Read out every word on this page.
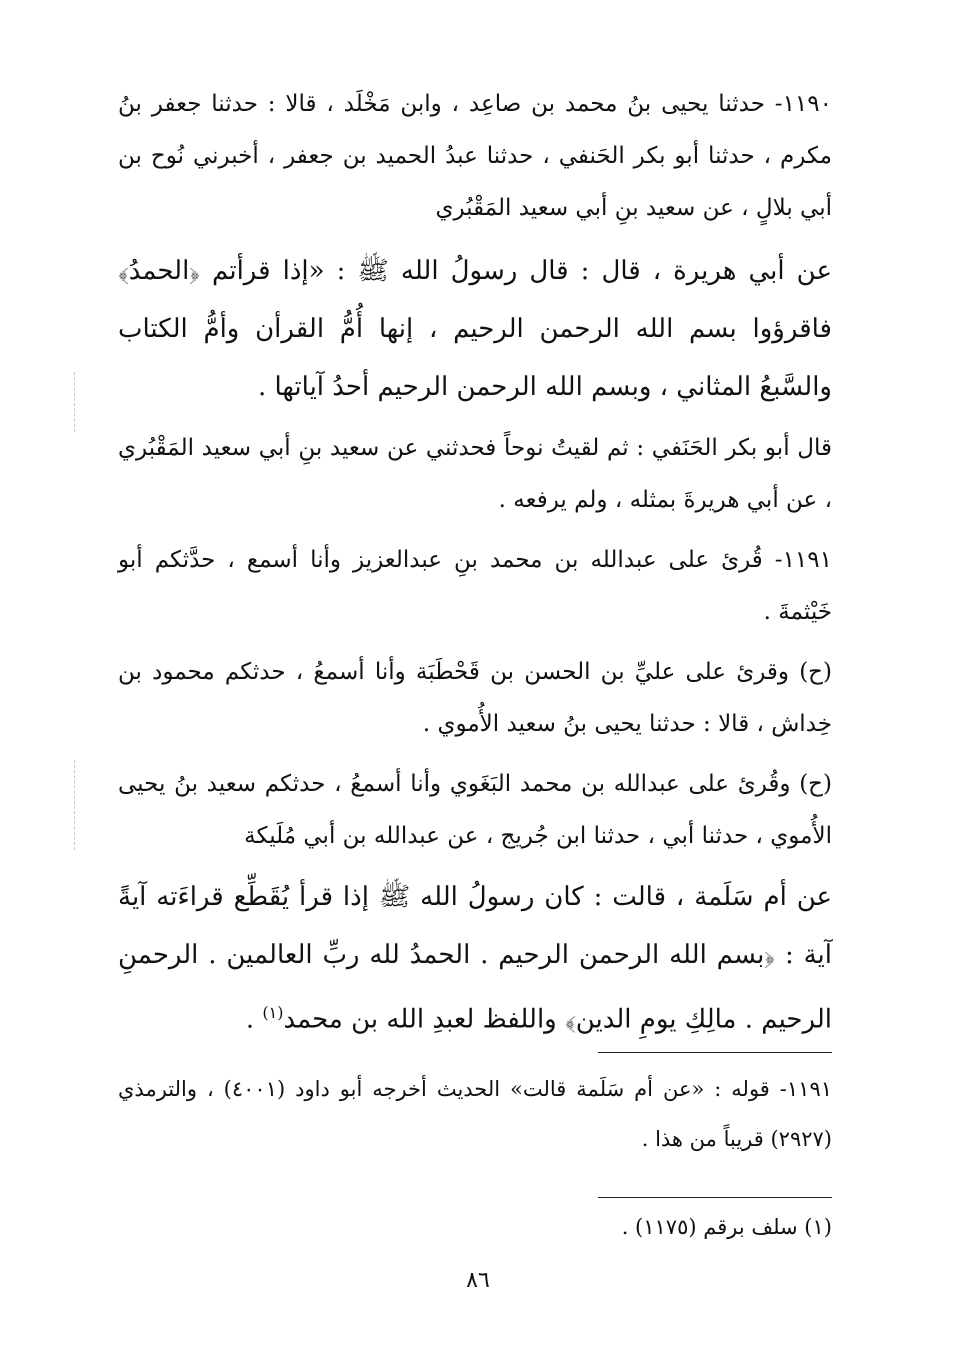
١١٩٠- حدثنا يحيى بنُ محمد بن صاعِد ، وابن مَخْلَد ، قالا : حدثنا جعفر بنُ مكرم ، حدثنا أبو بكر الحَنفي ، حدثنا عبدُ الحميد بن جعفر ، أخبرني نُوح بن أبي بلالٍ ، عن سعيد بنِ أبي سعيد المَقْبُري

عن أبي هريرة ، قال : قال رسولُ الله ﷺ : «إذا قرأتم ﴿الحمدُ﴾ فاقرؤوا بسم الله الرحمن الرحيم ، إنها أُمُّ القرأن وأمُّ الكتاب والسَّبعُ المثاني ، وبسم الله الرحمن الرحيم أحدُ آياتها .

قال أبو بكر الحَنَفي : ثم لقيتُ نوحاً فحدثني عن سعيد بنِ أبي سعيد المَقْبُري ، عن أبي هريرةَ بمثله ، ولم يرفعه .

١١٩١- قُرئ على عبدالله بن محمد بنِ عبدالعزيز وأنا أسمع ، حدَّثكم أبو خَيْثمةَ .

(ح) وقرئ على عليِّ بن الحسن بن قَحْطَبَة وأنا أسمعُ ، حدثكم محمود بن خِداش ، قالا : حدثنا يحيى بنُ سعيد الأُموي .

(ح) وقُرئ على عبدالله بن محمد البَغَوي وأنا أسمعُ ، حدثكم سعيد بنُ يحيى الأُموي ، حدثنا أبي ، حدثنا ابن جُريج ، عن عبدالله بن أبي مُلَيكة

عن أم سَلَمة ، قالت : كان رسولُ الله ﷺ إذا قرأ يُقَطِّع قراءَته آيةً آية : ﴿بسم الله الرحمن الرحيم . الحمدُ لله ربِّ العالمين . الرحمنِ الرحيم . مالِكِ يومِ الدين﴾ واللفظ لعبدِ الله بن محمد$^{(١)}$ .

١١٩١- قوله : «عن أم سَلَمة قالت» الحديث أخرجه أبو داود (٤٠٠١) ، والترمذي (٢٩٢٧) قريباً من هذا .

(١) سلف برقم (١١٧٥) .

٨٦
